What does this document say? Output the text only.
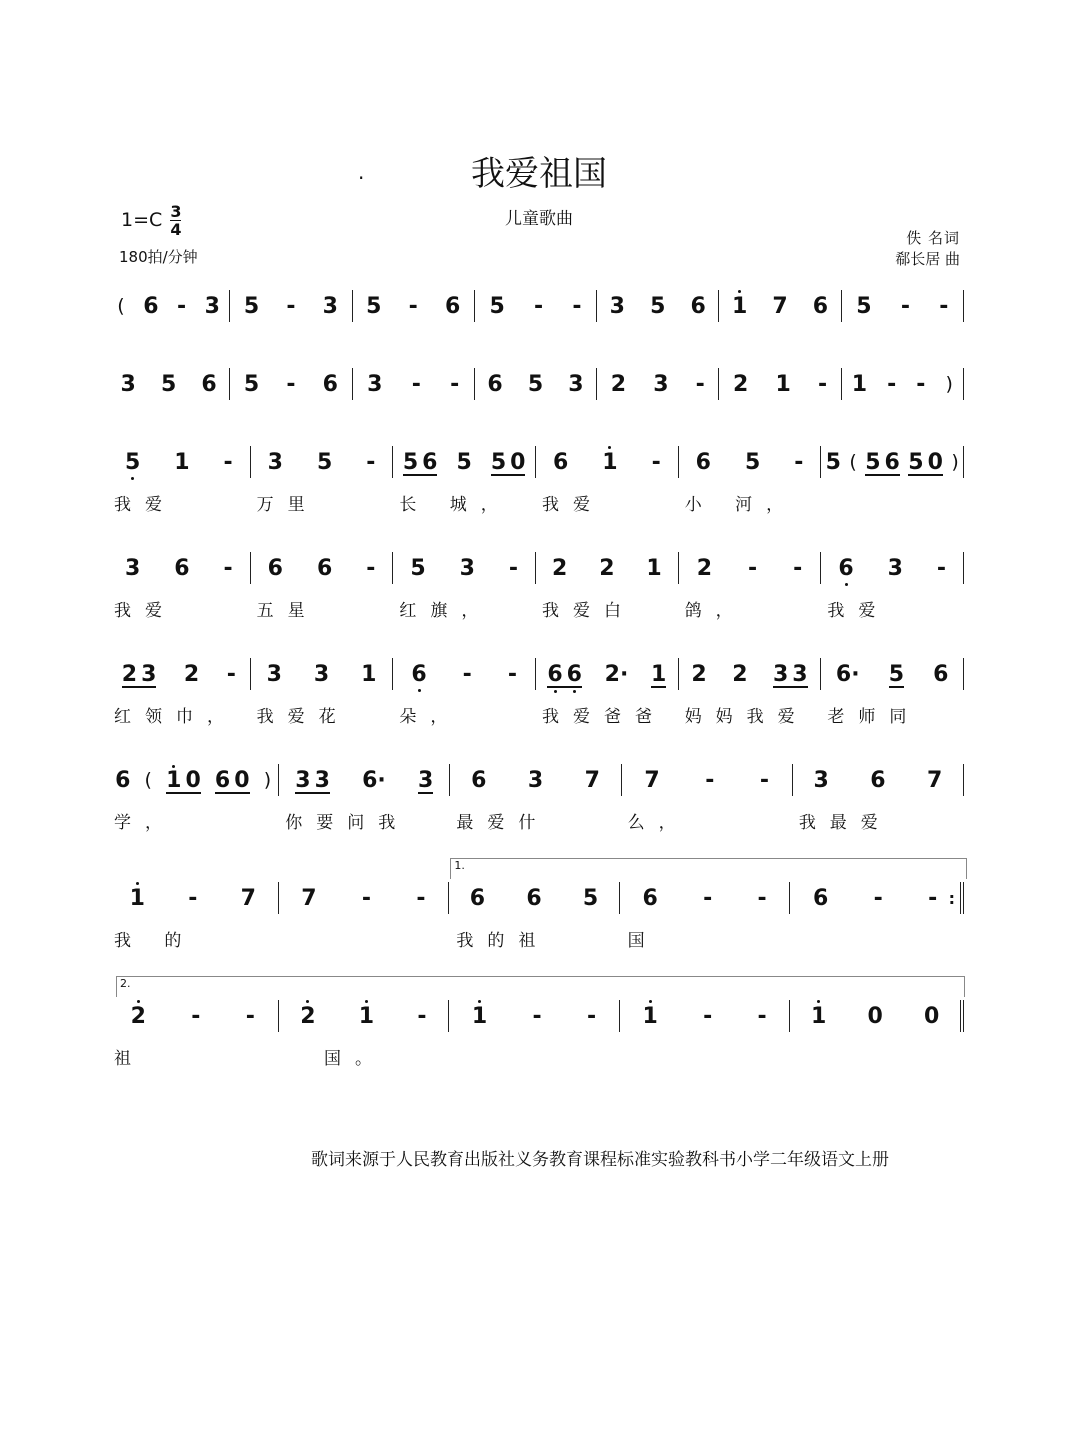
我爱祖国
.
$1=C \frac{3}{4}$
180拍/分钟
儿童歌曲
佚 名词
郗长居 曲
( 6 - 3 5 - 3 5 - 6 5 - - 3 5 6 1 7 6 5 - -
3 5 6 5 - 6 3 - - 6 5 3 2 3 - 2 1 - 1 - - )
5 1 - 3 5 - 5 6 5 5 0 6 1 - 6 5 - 5 ( 5 6 5 0 )
我爱	万里	长 城，	我爱	小 河，
3 6 - 6 6 - 5 3 - 2 2 1 2 - - 6 3 -
我爱	五星	红旗，	我爱白	鸽，	我爱
2 3 2 - 3 3 1 6 - - 6 6 2· 1 2 2 3 3 6· 5 6
红领巾，	我爱花	朵，	我爱爸爸	妈妈我爱	老师同
6 ( 1 0 6 0 ) 3 3 6· 3 6 3 7 7 - - 3 6 7
学，	你要问我	最爱什	么，	我最爱
1 - 7 7 - - 6 6 5 6 - - 6 - - :
1.
我 的	我的祖	国
2 - - 2 1 - 1 - - 1 - - 1 0 0
2.
祖	国。
歌词来源于人民教育出版社义务教育课程标准实验教科书小学二年级语文上册
